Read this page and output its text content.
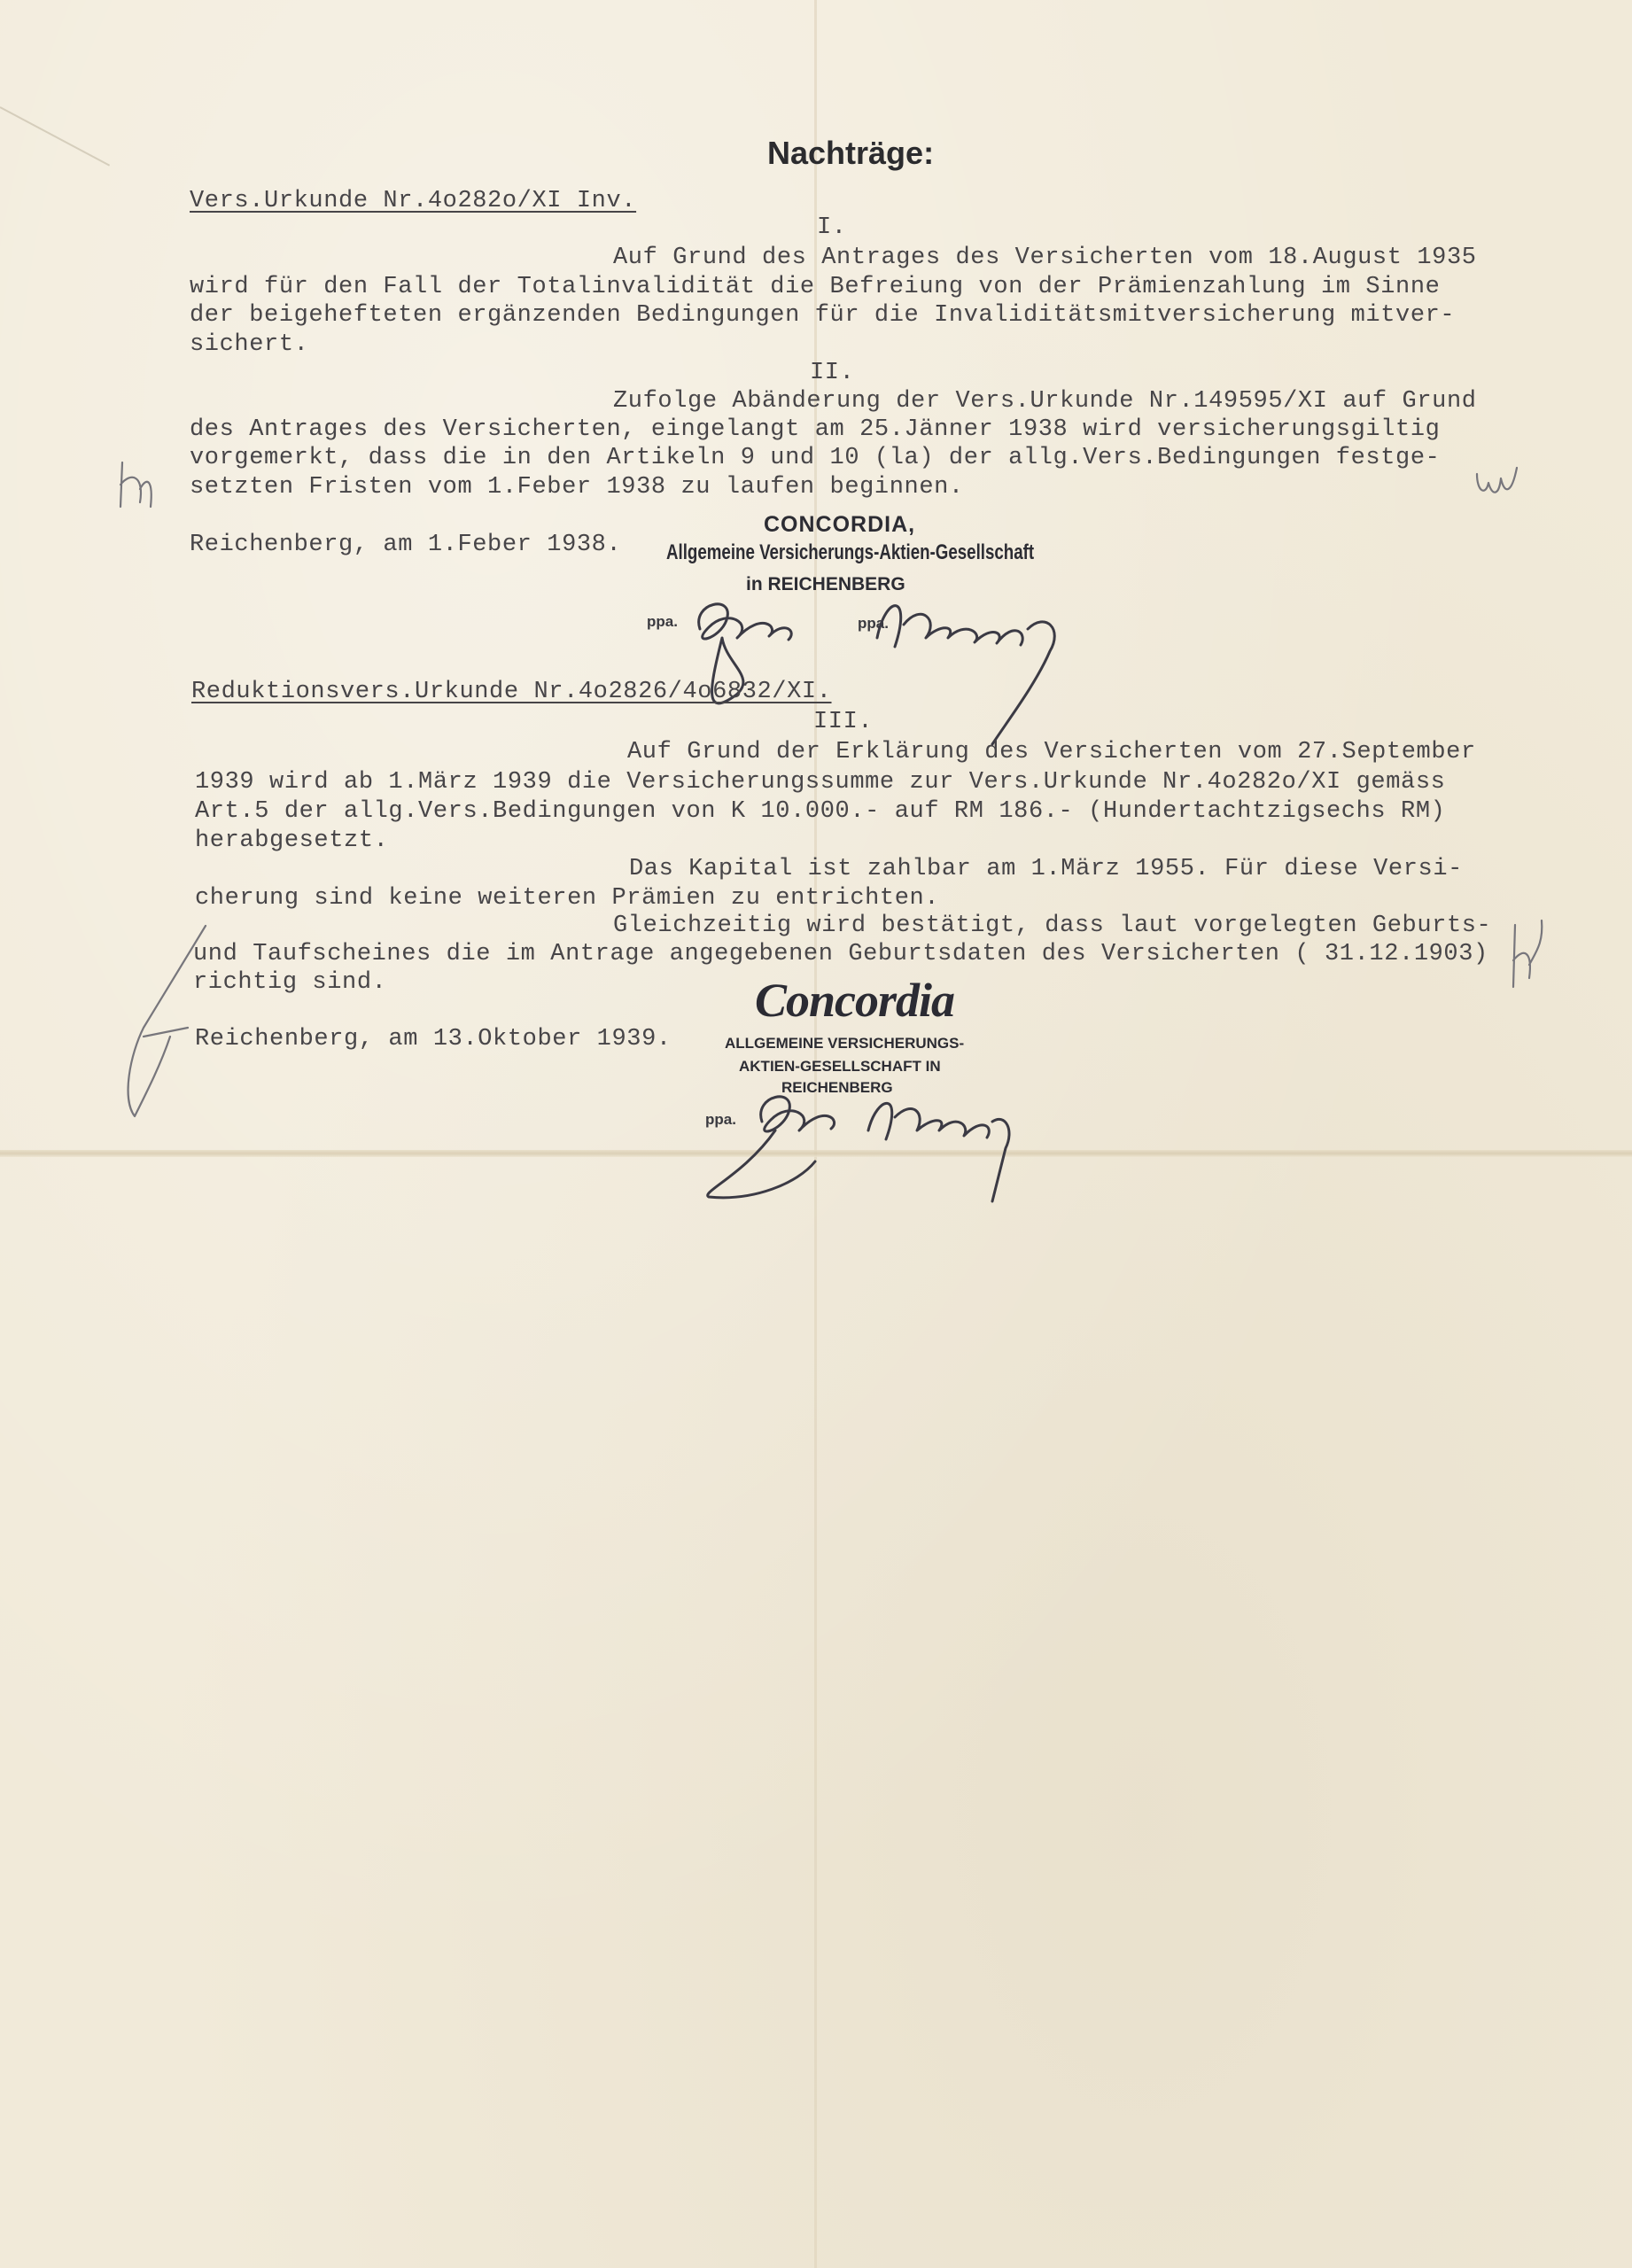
Nachträge:
Vers.Urkunde Nr.4o282o/XI Inv.
I.
Auf Grund des Antrages des Versicherten vom 18.August 1935
wird für den Fall der Totalinvalidität die Befreiung von der Prämienzahlung im Sinne
der beigehefteten ergänzenden Bedingungen für die Invaliditätsmitversicherung mitver-
sichert.
II.
Zufolge Abänderung der Vers.Urkunde Nr.149595/XI auf Grund
des Antrages des Versicherten, eingelangt am 25.Jänner 1938 wird versicherungsgiltig
vorgemerkt, dass die in den Artikeln 9 und 10 (la) der allg.Vers.Bedingungen festge-
setzten Fristen vom 1.Feber 1938 zu laufen beginnen.
Reichenberg, am 1.Feber 1938.
CONCORDIA,
Allgemeine Versicherungs-Aktien-Gesellschaft
in REICHENBERG
ppa.	ppa.
Reduktionsvers.Urkunde Nr.4o2826/4o6832/XI.
III.
Auf Grund der Erklärung des Versicherten vom 27.September
1939 wird ab 1.März 1939 die Versicherungssumme zur Vers.Urkunde Nr.4o282o/XI gemäss
Art.5 der allg.Vers.Bedingungen von K 10.000.- auf RM 186.- (Hundertachtzigsechs RM)
herabgesetzt.
Das Kapital ist zahlbar am 1.März 1955. Für diese Versi-
cherung sind keine weiteren Prämien zu entrichten.
Gleichzeitig wird bestätigt, dass laut vorgelegten Geburts-
und Taufscheines die im Antrage angegebenen Geburtsdaten des Versicherten ( 31.12.1903)
richtig sind.
Reichenberg, am 13.Oktober 1939.
Concordia
ALLGEMEINE VERSICHERUNGS-
AKTIEN-GESELLSCHAFT IN
REICHENBERG
ppa.
